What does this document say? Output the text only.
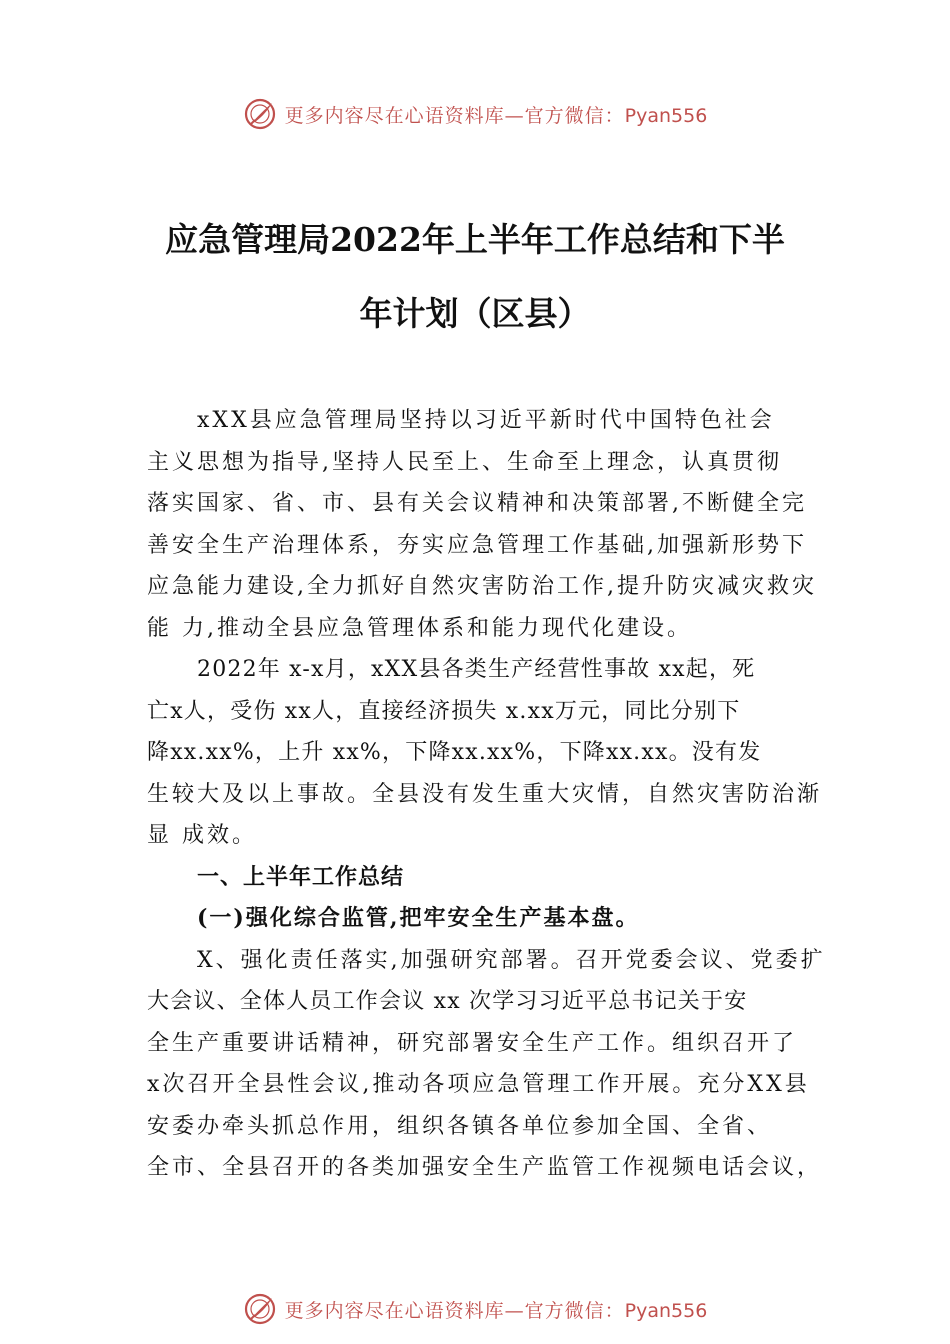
更多内容尽在心语资料库—官方微信：Pyan556
应急管理局2022年上半年工作总结和下半
年计划（区县）
xXX县应急管理局坚持以习近平新时代中国特色社会
主义思想为指导,坚持人民至上、生命至上理念，认真贯彻
落实国家、省、市、县有关会议精神和决策部署,不断健全完
善安全生产治理体系，夯实应急管理工作基础,加强新形势下
应急能力建设,全力抓好自然灾害防治工作,提升防灾减灾救灾
能 力,推动全县应急管理体系和能力现代化建设。
2022年 x-x月，xXX县各类生产经营性事故 xx起，死
亡x人，受伤 xx人，直接经济损失 x.xx万元，同比分别下
降xx.xx%，上升 xx%，下降xx.xx%，下降xx.xx。没有发
生较大及以上事故。全县没有发生重大灾情，自然灾害防治渐
显 成效。
一、上半年工作总结
(一)强化综合监管,把牢安全生产基本盘。
X、强化责任落实,加强研究部署。召开党委会议、党委扩
大会议、全体人员工作会议 xx 次学习习近平总书记关于安
全生产重要讲话精神，研究部署安全生产工作。组织召开了
x次召开全县性会议,推动各项应急管理工作开展。充分XX县
安委办牵头抓总作用，组织各镇各单位参加全国、全省、
全市、全县召开的各类加强安全生产监管工作视频电话会议，
更多内容尽在心语资料库—官方微信：Pyan556
